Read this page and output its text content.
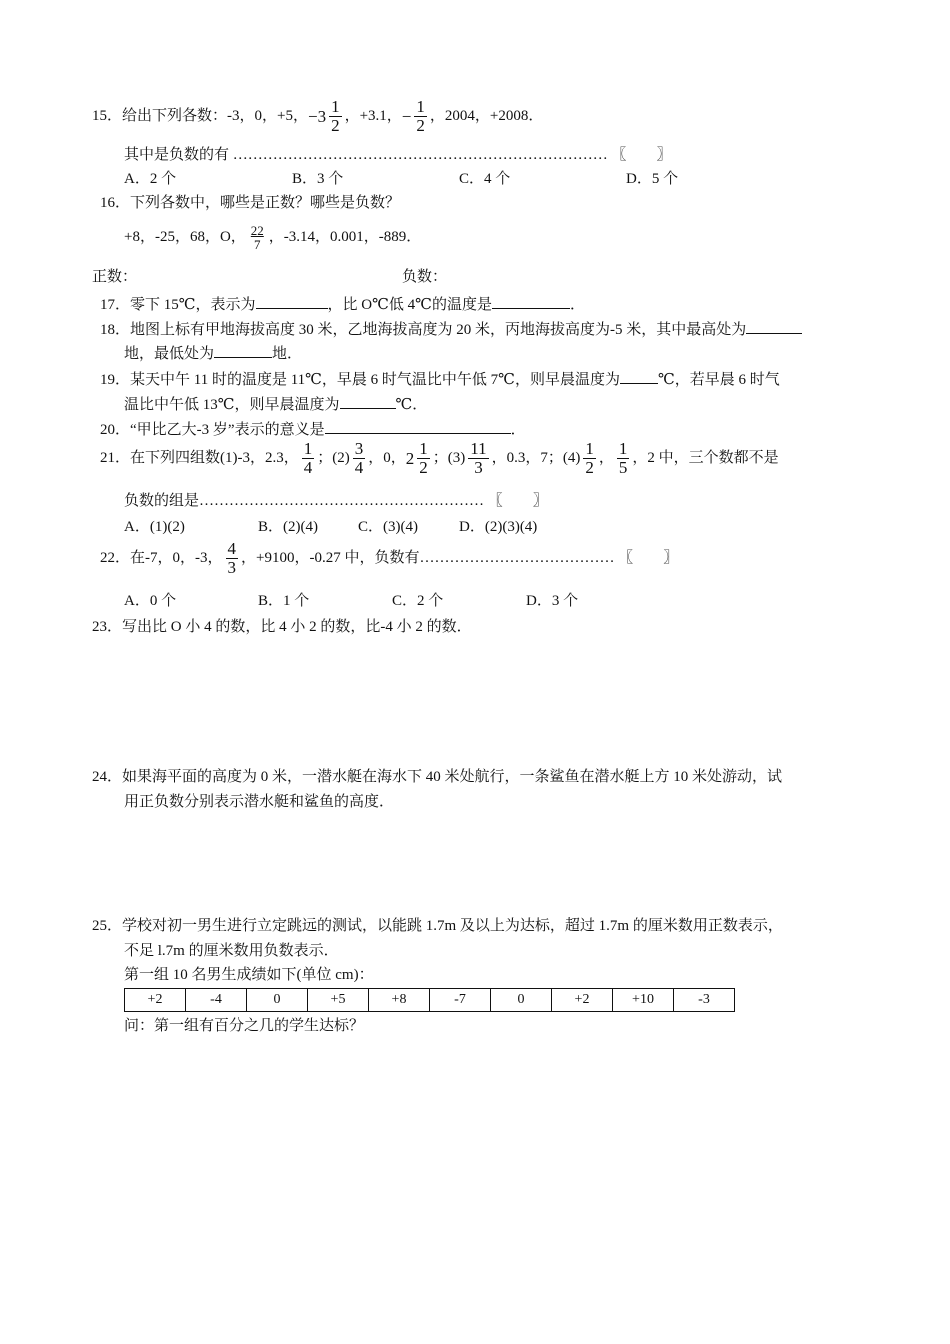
15．给出下列各数：-3，0，+5，$-3 \frac{1}{2}$ ，+3.1，− $\frac{1}{2}$ ，2004，+2008．
其中是负数的有 ………………………………………………………………… 〖　　〗
A．2 个	B．3 个	C．4 个	D．5 个
16．下列各数中，哪些是正数？哪些是负数？
+8，-25，68，O， $\frac{22}{7}$ ，-3.14，0.001，-889．
正数：	负数：
17．零下 15℃，表示为	，比 O℃低 4℃的温度是	．
18．地图上标有甲地海拔高度 30 米，乙地海拔高度为 20 米，丙地海拔高度为-5 米，其中最高处为
地，最低处为	地．
19．某天中午 11 时的温度是 11℃，早晨 6 时气温比中午低 7℃，则早晨温度为	℃，若早晨 6 时气
温比中午低 13℃，则早晨温度为	℃．
20．“甲比乙大-3 岁”表示的意义是	．
21．在下列四组数(1)-3，2.3， $\frac{1}{4}$ ；$(2) \frac{3}{4}$ ，0，$2 \frac{1}{2}$ ；$(3) \frac{11}{3}$ ，0.3，7；$(4) \frac{1}{2}$ ， $\frac{1}{5}$ ，2 中，三个数都不是
负数的组是………………………………………………… 〖　　〗
A．(1)(2)	B．(2)(4)	C．(3)(4)	D．(2)(3)(4)
22．在-7，0，-3， $\frac{4}{3}$ ，+9100，-0.27 中，负数有………………………………… 〖　　〗
A．0 个	B．1 个	C．2 个	D．3 个
23．写出比 O 小 4 的数，比 4 小 2 的数，比-4 小 2 的数．
24．如果海平面的高度为 0 米，一潜水艇在海水下 40 米处航行，一条鲨鱼在潜水艇上方 10 米处游动，试
用正负数分别表示潜水艇和鲨鱼的高度．
25．学校对初一男生进行立定跳远的测试，以能跳 1.7m 及以上为达标，超过 1.7m 的厘米数用正数表示，
不足 l.7m 的厘米数用负数表示．
第一组 10 名男生成绩如下(单位 cm)：
+2	-4	0	+5	+8	-7	0	+2	+10	-3
问：第一组有百分之几的学生达标？
